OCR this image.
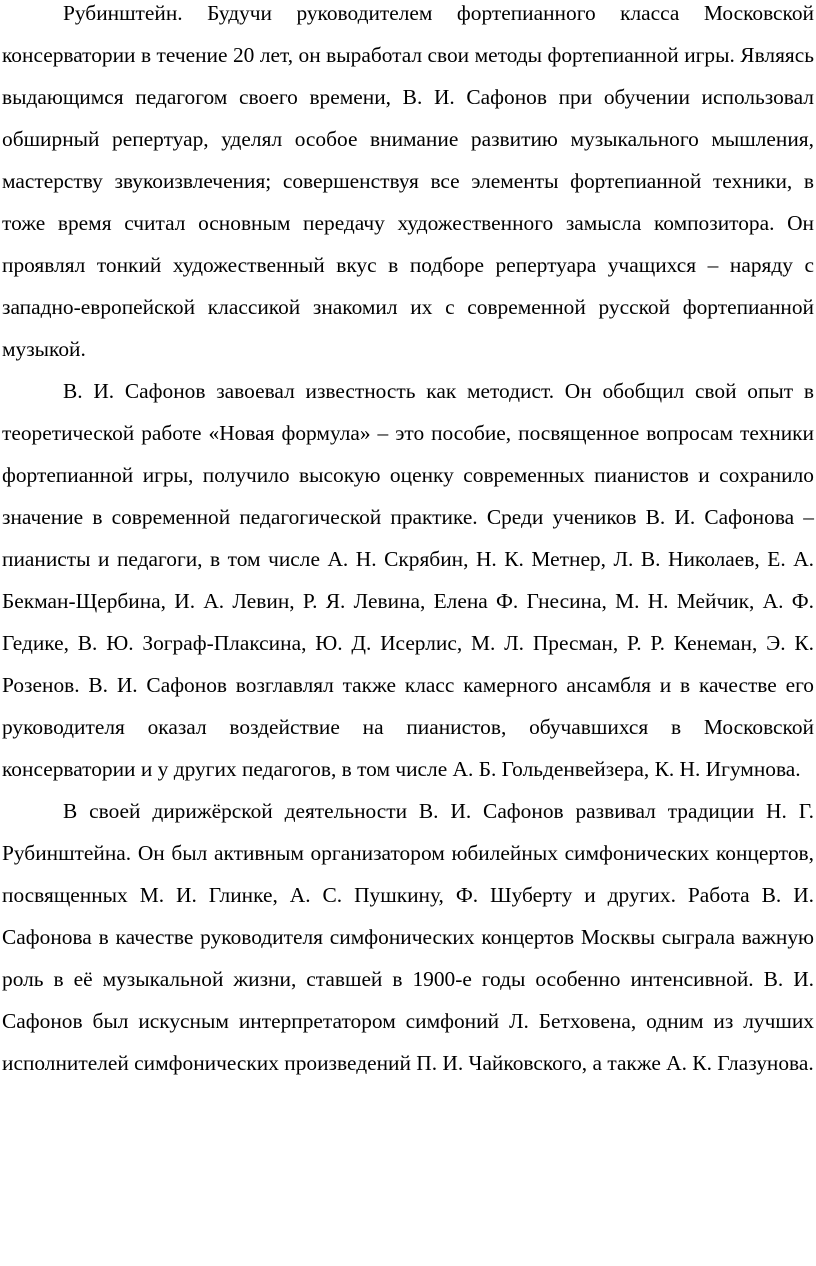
Рубинштейн. Будучи руководителем фортепианного класса Московской консерватории в течение 20 лет, он выработал свои методы фортепианной игры. Являясь выдающимся педагогом своего времени, В. И. Сафонов при обучении использовал обширный репертуар, уделял особое внимание развитию музыкального мышления, мастерству звукоизвлечения; совершенствуя все элементы фортепианной техники, в тоже время считал основным передачу художественного замысла композитора. Он проявлял тонкий художественный вкус в подборе репертуара учащихся – наряду с западно-европейской классикой знакомил их с современной русской фортепианной музыкой.

В. И. Сафонов завоевал известность как методист. Он обобщил свой опыт в теоретической работе «Новая формула» – это пособие, посвященное вопросам техники фортепианной игры, получило высокую оценку современных пианистов и сохранило значение в современной педагогической практике. Среди учеников В. И. Сафонова – пианисты и педагоги, в том числе А. Н. Скрябин, Н. К. Метнер, Л. В. Николаев, Е. А. Бекман-Щербина, И. А. Левин, Р. Я. Левина, Елена Ф. Гнесина, М. Н. Мейчик, А. Ф. Гедике, В. Ю. Зограф-Плаксина, Ю. Д. Исерлис, М. Л. Пресман, Р. Р. Кенеман, Э. К. Розенов. В. И. Сафонов возглавлял также класс камерного ансамбля и в качестве его руководителя оказал воздействие на пианистов, обучавшихся в Московской консерватории и у других педагогов, в том числе А. Б. Гольденвейзера, К. Н. Игумнова.

В своей дирижёрской деятельности В. И. Сафонов развивал традиции Н. Г. Рубинштейна. Он был активным организатором юбилейных симфонических концертов, посвященных М. И. Глинке, А. С. Пушкину, Ф. Шуберту и других. Работа В. И. Сафонова в качестве руководителя симфонических концертов Москвы сыграла важную роль в её музыкальной жизни, ставшей в 1900-е годы особенно интенсивной. В. И. Сафонов был искусным интерпретатором симфоний Л. Бетховена, одним из лучших исполнителей симфонических произведений П. И. Чайковского, а также А. К. Глазунова.
